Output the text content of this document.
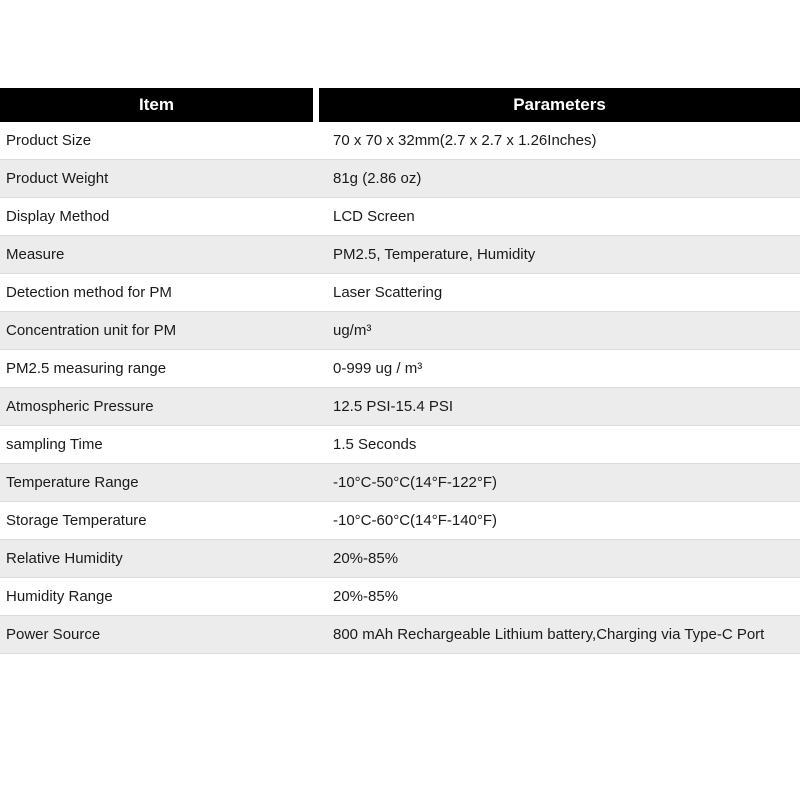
Item	Parameters
Product Size	70 x 70 x 32mm(2.7 x 2.7 x 1.26Inches)
Product Weight	81g (2.86 oz)
Display Method	LCD Screen
Measure	PM2.5, Temperature, Humidity
Detection method for PM	Laser Scattering
Concentration unit for PM	ug/m³
PM2.5 measuring range	0-999 ug / m³
Atmospheric Pressure	12.5 PSI-15.4 PSI
sampling Time	1.5 Seconds
Temperature Range	-10°C-50°C(14°F-122°F)
Storage Temperature	-10°C-60°C(14°F-140°F)
Relative Humidity	20%-85%
Humidity Range	20%-85%
Power Source	800 mAh Rechargeable Lithium battery,Charging via Type-C Port
